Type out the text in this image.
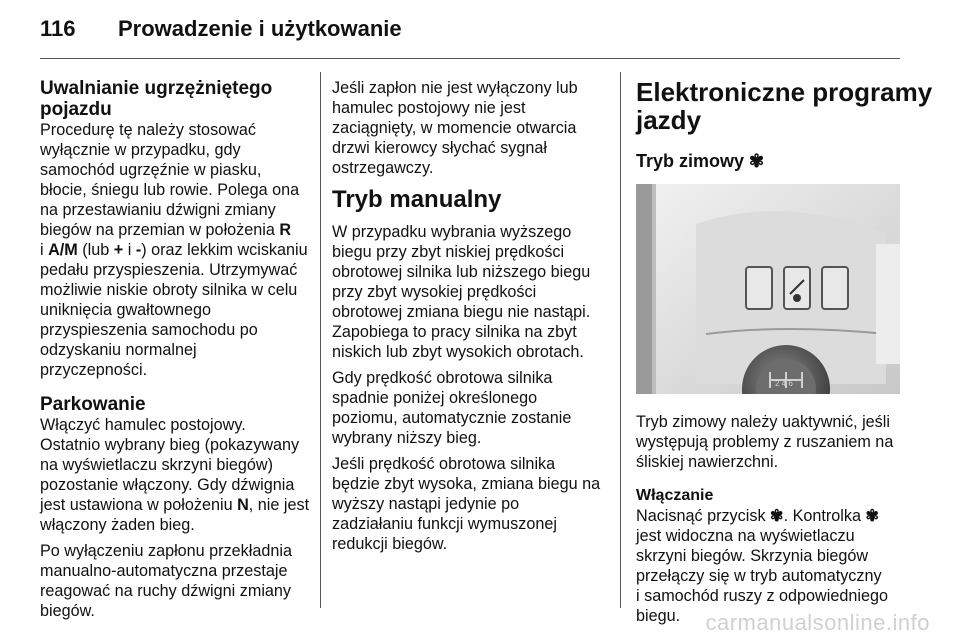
116 Prowadzenie i użytkowanie
Uwalnianie ugrzężniętego
pojazdu

Procedurę tę należy stosować
wyłącznie w przypadku, gdy
samochód ugrzęźnie w piasku,
błocie, śniegu lub rowie. Polega ona
na przestawianiu dźwigni zmiany
biegów na przemian w położenia R
i A/M (lub + i -) oraz lekkim wciskaniu
pedału przyspieszenia. Utrzymywać
możliwie niskie obroty silnika w celu
uniknięcia gwałtownego
przyspieszenia samochodu po
odzyskaniu normalnej
przyczepności.

Parkowanie

Włączyć hamulec postojowy.
Ostatnio wybrany bieg (pokazywany
na wyświetlaczu skrzyni biegów)
pozostanie włączony. Gdy dźwignia
jest ustawiona w położeniu N, nie jest
włączony żaden bieg.

Po wyłączeniu zapłonu przekładnia
manualno-automatyczna przestaje
reagować na ruchy dźwigni zmiany
biegów.

Jeśli zapłon nie jest wyłączony lub
hamulec postojowy nie jest
zaciągnięty, w momencie otwarcia
drzwi kierowcy słychać sygnał
ostrzegawczy.

Tryb manualny

W przypadku wybrania wyższego
biegu przy zbyt niskiej prędkości
obrotowej silnika lub niższego biegu
przy zbyt wysokiej prędkości
obrotowej zmiana biegu nie nastąpi.
Zapobiega to pracy silnika na zbyt
niskich lub zbyt wysokich obrotach.

Gdy prędkość obrotowa silnika
spadnie poniżej określonego
poziomu, automatycznie zostanie
wybrany niższy bieg.

Jeśli prędkość obrotowa silnika
będzie zbyt wysoka, zmiana biegu na
wyższy nastąpi jedynie po
zadziałaniu funkcji wymuszonej
redukcji biegów.

Elektroniczne programy
jazdy
Tryb zimowy ✾
2 4 6

Tryb zimowy należy uaktywnić, jeśli
występują problemy z ruszaniem na
śliskiej nawierzchni.

Włączanie

Nacisnąć przycisk ✾. Kontrolka ✾
jest widoczna na wyświetlaczu
skrzyni biegów. Skrzynia biegów
przełączy się w tryb automatyczny
i samochód ruszy z odpowiedniego
biegu.	carmanualsonline.info
